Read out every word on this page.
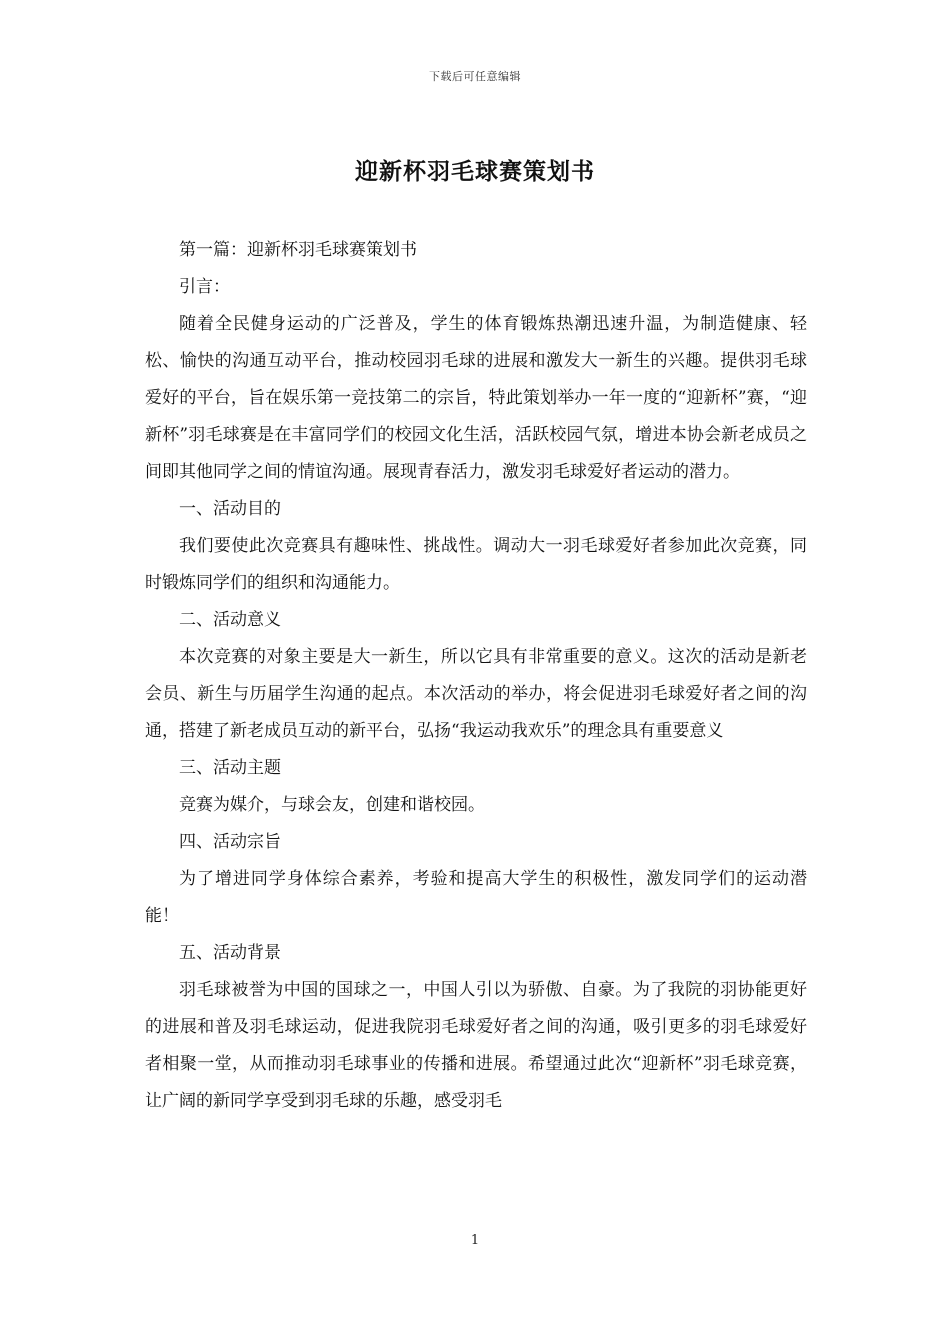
下载后可任意编辑
迎新杯羽毛球赛策划书

第一篇：迎新杯羽毛球赛策划书

引言：

随着全民健身运动的广泛普及，学生的体育锻炼热潮迅速升温，为制造健康、轻松、愉快的沟通互动平台，推动校园羽毛球的进展和激发大一新生的兴趣。提供羽毛球爱好的平台，旨在娱乐第一竞技第二的宗旨，特此策划举办一年一度的“迎新杯”赛，“迎新杯”羽毛球赛是在丰富同学们的校园文化生活，活跃校园气氛，增进本协会新老成员之间即其他同学之间的情谊沟通。展现青春活力，激发羽毛球爱好者运动的潜力。

一、活动目的

我们要使此次竞赛具有趣味性、挑战性。调动大一羽毛球爱好者参加此次竞赛，同时锻炼同学们的组织和沟通能力。

二、活动意义

本次竞赛的对象主要是大一新生，所以它具有非常重要的意义。这次的活动是新老会员、新生与历届学生沟通的起点。本次活动的举办，将会促进羽毛球爱好者之间的沟通，搭建了新老成员互动的新平台，弘扬“我运动我欢乐”的理念具有重要意义

三、活动主题

竞赛为媒介，与球会友，创建和谐校园。

四、活动宗旨

为了增进同学身体综合素养，考验和提高大学生的积极性，激发同学们的运动潜能！

五、活动背景

羽毛球被誉为中国的国球之一，中国人引以为骄傲、自豪。为了我院的羽协能更好的进展和普及羽毛球运动，促进我院羽毛球爱好者之间的沟通，吸引更多的羽毛球爱好者相聚一堂，从而推动羽毛球事业的传播和进展。希望通过此次“迎新杯”羽毛球竞赛，让广阔的新同学享受到羽毛球的乐趣，感受羽毛

1
